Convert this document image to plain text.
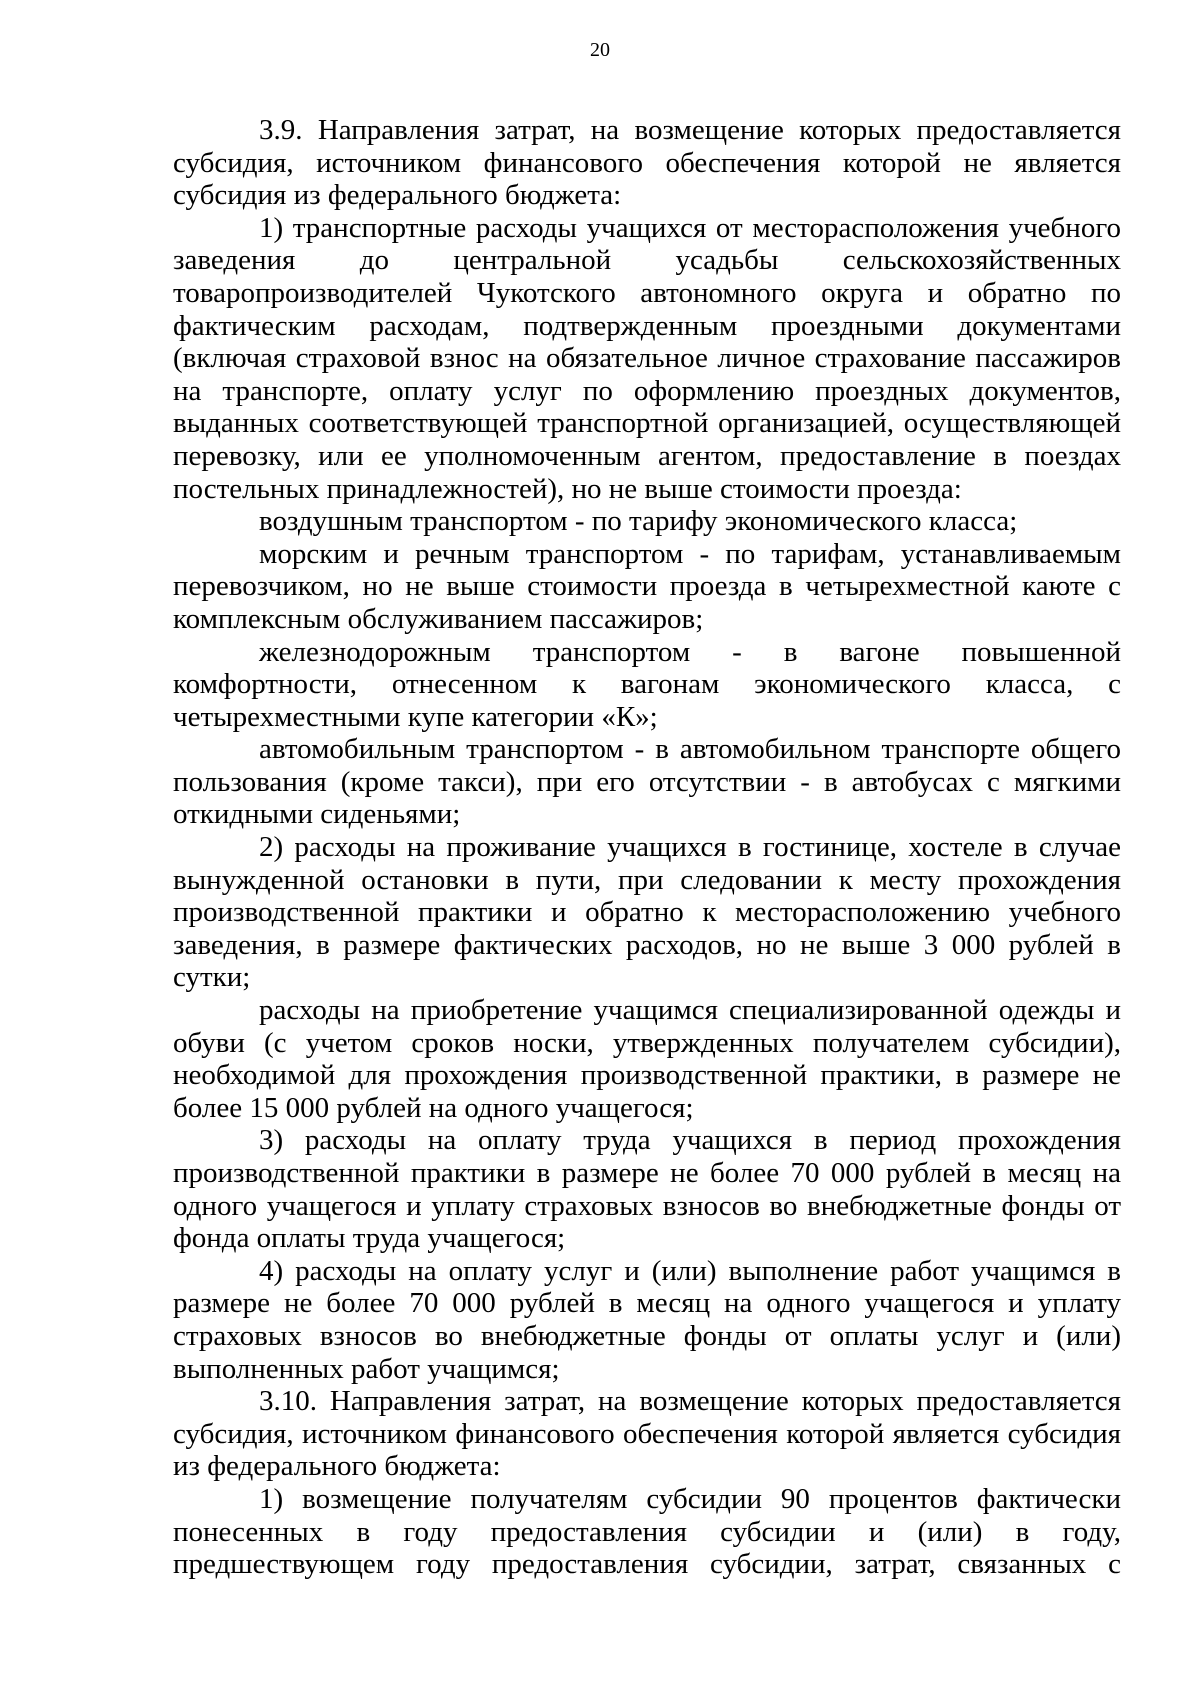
20

3.9. Направления затрат, на возмещение которых предоставляется субсидия, источником финансового обеспечения которой не является субсидия из федерального бюджета:

1) транспортные расходы учащихся от месторасположения учебного заведения до центральной усадьбы сельскохозяйственных товаропроизводителей Чукотского автономного округа и обратно по фактическим расходам, подтвержденным проездными документами (включая страховой взнос на обязательное личное страхование пассажиров на транспорте, оплату услуг по оформлению проездных документов, выданных соответствующей транспортной организацией, осуществляющей перевозку, или ее уполномоченным агентом, предоставление в поездах постельных принадлежностей), но не выше стоимости проезда:

воздушным транспортом - по тарифу экономического класса;

морским и речным транспортом - по тарифам, устанавливаемым перевозчиком, но не выше стоимости проезда в четырехместной каюте с комплексным обслуживанием пассажиров;

железнодорожным транспортом - в вагоне повышенной комфортности, отнесенном к вагонам экономического класса, с четырехместными купе категории «К»;

автомобильным транспортом - в автомобильном транспорте общего пользования (кроме такси), при его отсутствии - в автобусах с мягкими откидными сиденьями;

2) расходы на проживание учащихся в гостинице, хостеле в случае вынужденной остановки в пути, при следовании к месту прохождения производственной практики и обратно к месторасположению учебного заведения, в размере фактических расходов, но не выше 3 000 рублей в сутки;

расходы на приобретение учащимся специализированной одежды и обуви (с учетом сроков носки, утвержденных получателем субсидии), необходимой для прохождения производственной практики, в размере не более 15 000 рублей на одного учащегося;

3) расходы на оплату труда учащихся в период прохождения производственной практики в размере не более 70 000 рублей в месяц на одного учащегося и уплату страховых взносов во внебюджетные фонды от фонда оплаты труда учащегося;

4) расходы на оплату услуг и (или) выполнение работ учащимся в размере не более 70 000 рублей в месяц на одного учащегося и уплату страховых взносов во внебюджетные фонды от оплаты услуг и (или) выполненных работ учащимся;

3.10. Направления затрат, на возмещение которых предоставляется субсидия, источником финансового обеспечения которой является субсидия из федерального бюджета:

1) возмещение получателям субсидии 90 процентов фактически понесенных в году предоставления субсидии и (или) в году, предшествующем году предоставления субсидии, затрат, связанных с
